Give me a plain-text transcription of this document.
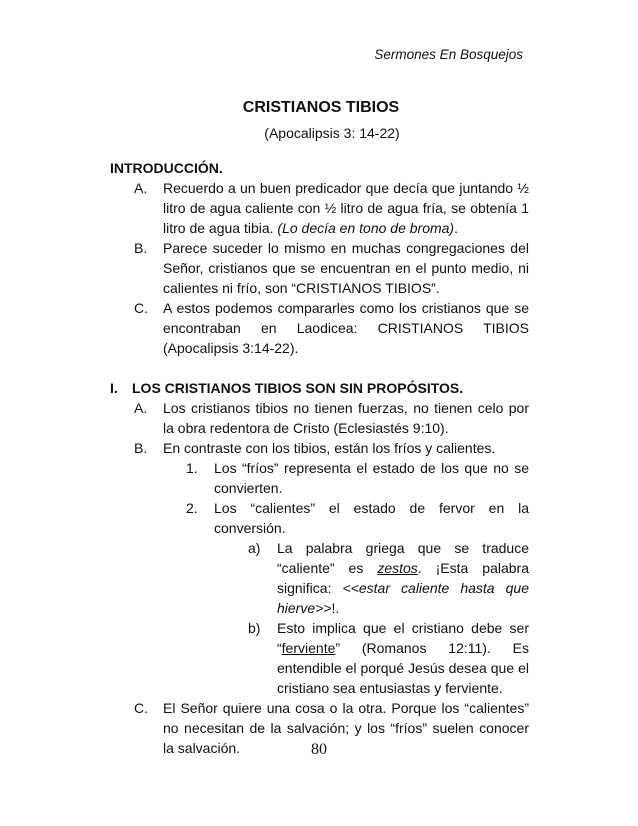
Sermones En Bosquejos
CRISTIANOS TIBIOS
(Apocalipsis 3: 14-22)
INTRODUCCIÓN.
A.	Recuerdo a un buen predicador que decía que juntando ½ litro de agua caliente con ½ litro de agua fría, se obtenía 1 litro de agua tibia. (Lo decía en tono de broma).
B.	Parece suceder lo mismo en muchas congregaciones del Señor, cristianos que se encuentran en el punto medio, ni calientes ni frío, son “CRISTIANOS TIBIOS”.
C.	A estos podemos compararles como los cristianos que se encontraban en Laodicea: CRISTIANOS TIBIOS (Apocalipsis 3:14-22).
I.	LOS CRISTIANOS TIBIOS SON SIN PROPÓSITOS.
A.	Los cristianos tibios no tienen fuerzas, no tienen celo por la obra redentora de Cristo (Eclesiastés 9:10).
B.	En contraste con los tibios, están los fríos y calientes.
1.	Los “fríos” representa el estado de los que no se convierten.
2.	Los “calientes” el estado de fervor en la conversión.
a)	La palabra griega que se traduce “caliente” es zestos. ¡Esta palabra significa: <<estar caliente hasta que hierve>>!.
b)	Esto implica que el cristiano debe ser “ferviente” (Romanos 12:11). Es entendible el porqué Jesús desea que el cristiano sea entusiastas y ferviente.
C.	El Señor quiere una cosa o la otra. Porque los “calientes” no necesitan de la salvación; y los “fríos” suelen conocer la salvación.	80
